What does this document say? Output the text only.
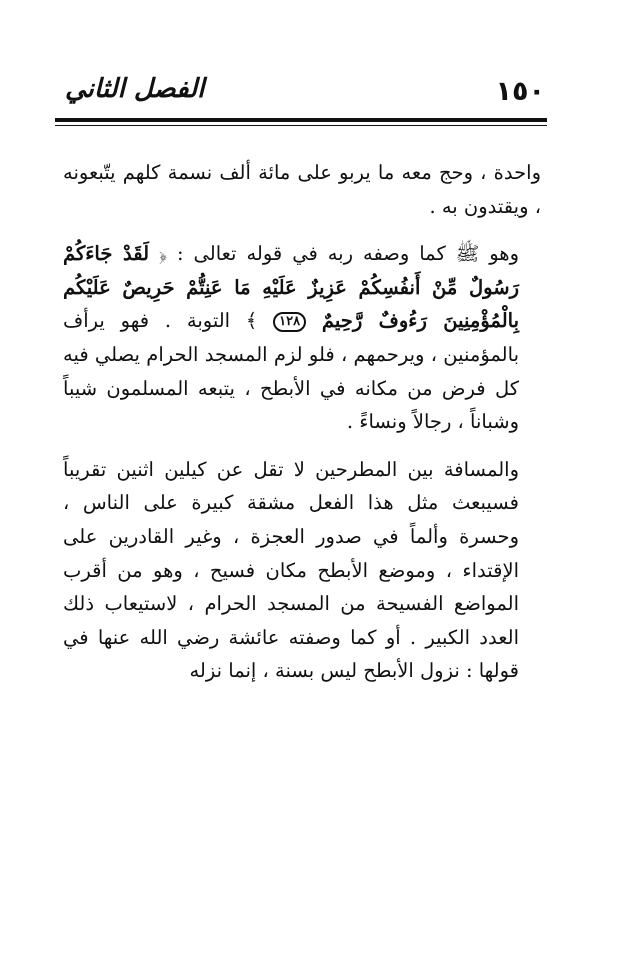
١٥٠
الفصل الثاني

واحدة ، وحج معه ما يربو على مائة ألف نسمة كلهم يتّبعونه ، ويقتدون به .

وهو ﷺ كما وصفه ربه في قوله تعالى : ﴿ لَقَدْ جَاءَكُمْ رَسُولٌ مِّنْ أَنفُسِكُمْ عَزِيزٌ عَلَيْهِ مَا عَنِتُّمْ حَرِيصٌ عَلَيْكُم بِالْمُؤْمِنِينَ رَءُوفٌ رَّحِيمٌ ١٢٨ ﴾ التوبة . فهو يرأف بالمؤمنين ، ويرحمهم ، فلو لزم المسجد الحرام يصلي فيه كل فرض من مكانه في الأبطح ، يتبعه المسلمون شيباً وشباناً ، رجالاً ونساءً .

والمسافة بين المطرحين لا تقل عن كيلين اثنين تقريباً فسيبعث مثل هذا الفعل مشقة كبيرة على الناس ، وحسرة وألماً في صدور العجزة ، وغير القادرين على الإقتداء ، وموضع الأبطح مكان فسيح ، وهو من أقرب المواضع الفسيحة من المسجد الحرام ، لاستيعاب ذلك العدد الكبير . أو كما وصفته عائشة رضي الله عنها في قولها : نزول الأبطح ليس بسنة ، إنما نزله
